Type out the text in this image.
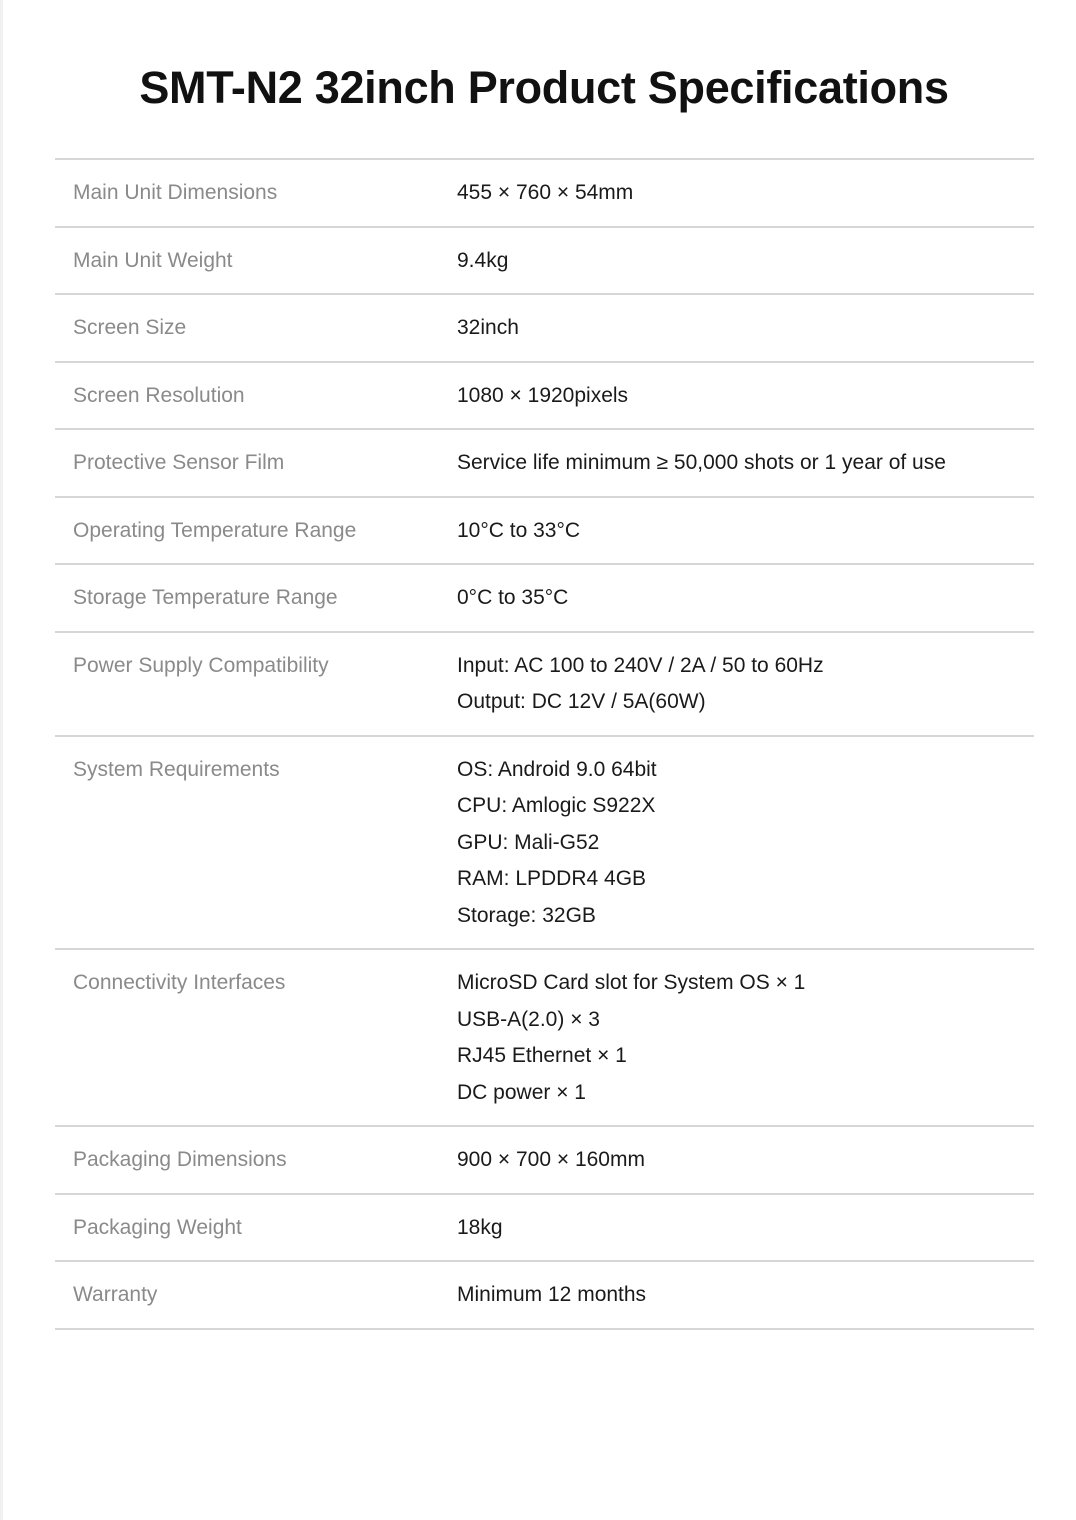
SMT-N2 32inch Product Specifications
Main Unit Dimensions	455 × 760 × 54mm

Main Unit Weight	9.4kg

Screen Size	32inch

Screen Resolution	1080 × 1920pixels

Protective Sensor Film	Service life minimum ≥ 50,000 shots or 1 year of use

Operating Temperature Range	10°C to 33°C

Storage Temperature Range	0°C to 35°C

Power Supply Compatibility	Input: AC 100 to 240V / 2A / 50 to 60Hz
Output: DC 12V / 5A(60W)

System Requirements	OS: Android 9.0 64bit
CPU: Amlogic S922X
GPU: Mali-G52
RAM: LPDDR4 4GB
Storage: 32GB

Connectivity Interfaces	MicroSD Card slot for System OS × 1
USB-A(2.0) × 3
RJ45 Ethernet × 1
DC power × 1

Packaging Dimensions	900 × 700 × 160mm

Packaging Weight	18kg

Warranty	Minimum 12 months
